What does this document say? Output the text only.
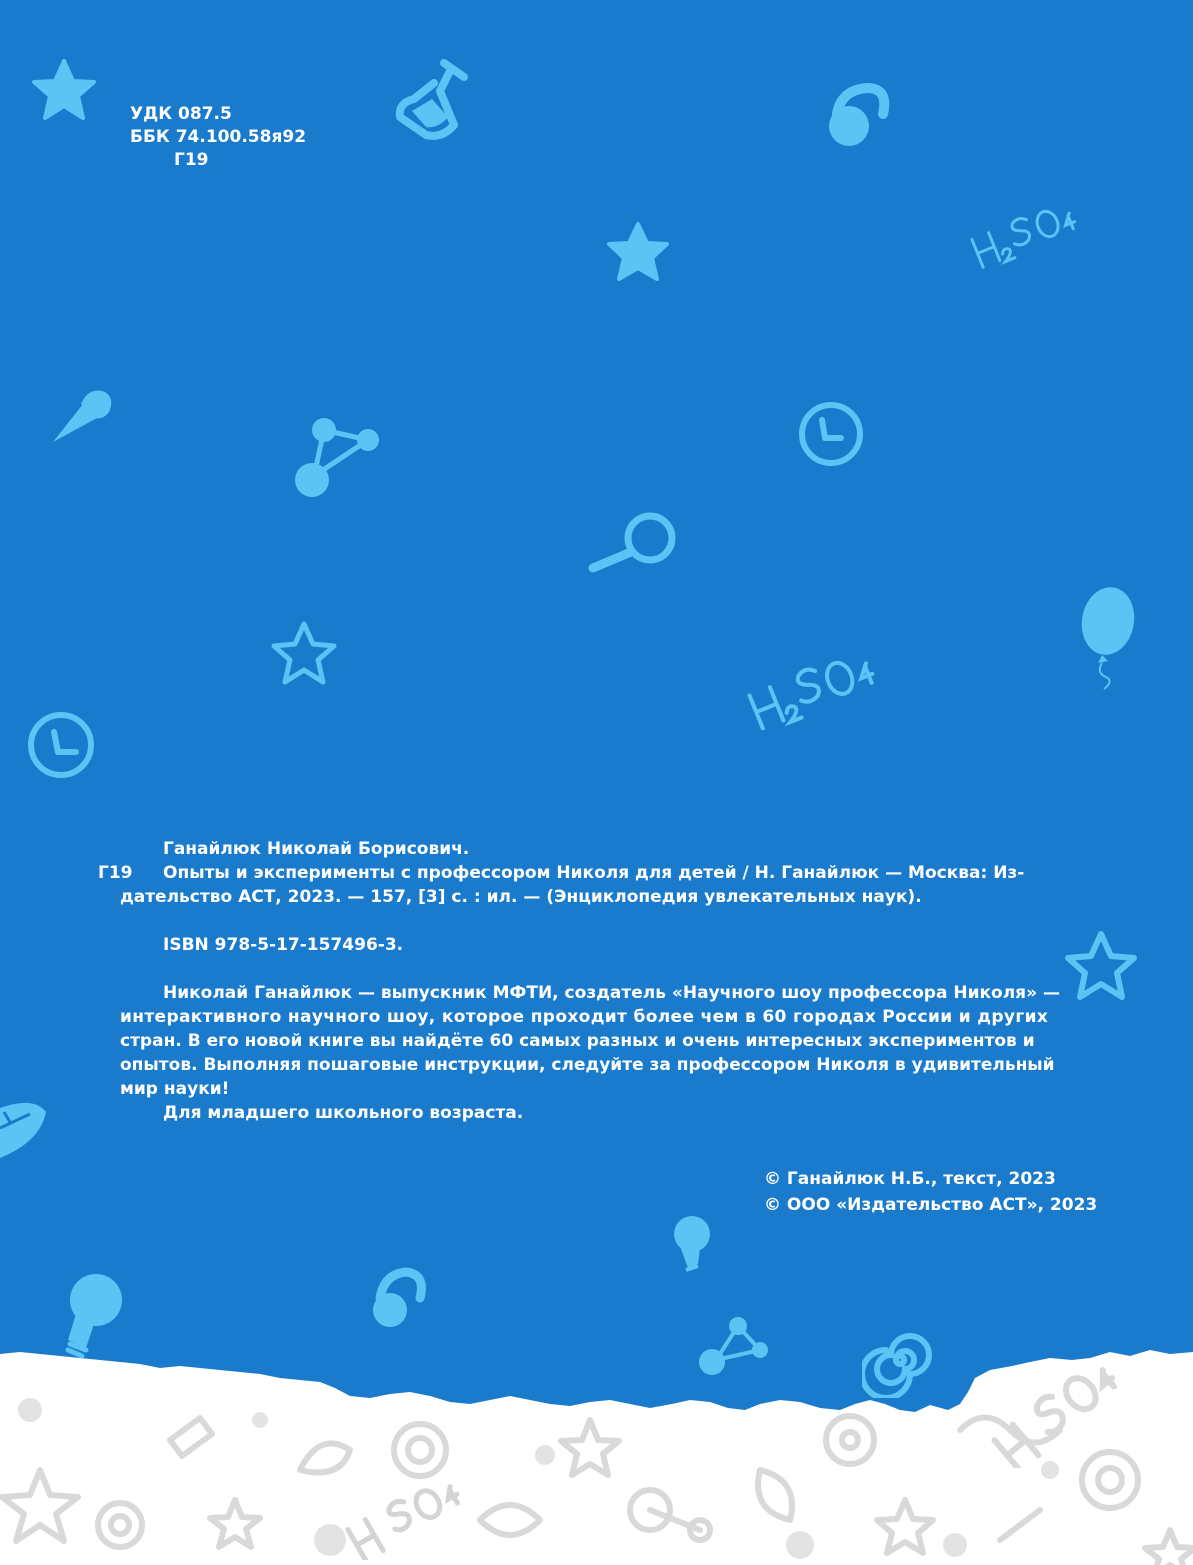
УДК 087.5
ББК 74.100.58я92
Г19
Ганайлюк Николай Борисович.
Г19 Опыты и эксперименты с профессором Николя для детей / Н. Ганайлюк — Москва: Из-
дательство АСТ, 2023. — 157, [3] с. : ил. — (Энциклопедия увлекательных наук).
ISBN 978-5-17-157496-3.
Николай Ганайлюк — выпускник МФТИ, создатель «Научного шоу профессора Николя» —
интерактивного научного шоу, которое проходит более чем в 60 городах России и других
стран. В его новой книге вы найдёте 60 самых разных и очень интересных экспериментов и
опытов. Выполняя пошаговые инструкции, следуйте за профессором Николя в удивительный
мир науки!
Для младшего школьного возраста.
© Ганайлюк Н.Б., текст, 2023
© ООО «Издательство АСТ», 2023
